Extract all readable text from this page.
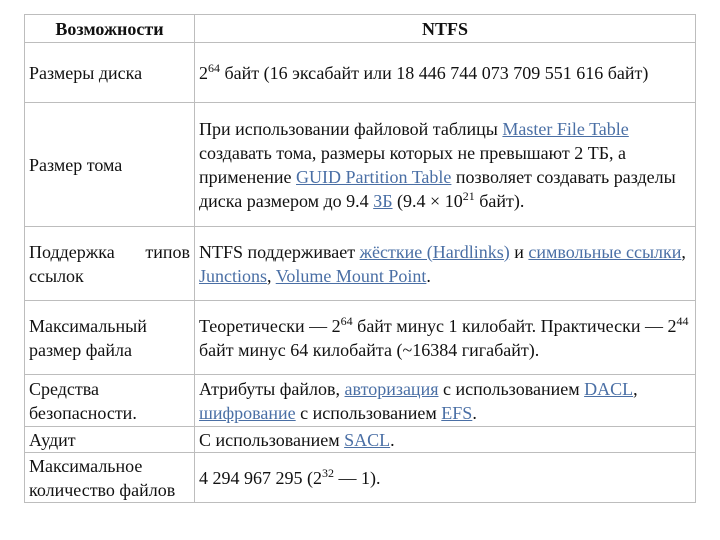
Возможности	NTFS
Размеры диска	$2^{64}$ байт (16 эксабайт или 18 446 744 073 709 551 616 байт)
Размер тома	При использовании файловой таблицы Master File Table создавать тома, размеры которых не превышают 2 ТБ, а применение GUID Partition Table позволяет создавать разделы диска размером до 9.4 ЗБ ($9.4 \times 10^{21}$ байт).
Поддержка типов ссылок	NTFS поддерживает жёсткие (Hardlinks) и символьные ссылки, Junctions, Volume Mount Point.
Максимальный размер файла	Теоретически — $2^{64}$ байт минус 1 килобайт. Практически — $2^{44}$ байт минус 64 килобайта (~16384 гигабайт).
Средства безопасности.	Атрибуты файлов, авторизация с использованием DACL, шифрование с использованием EFS.
Аудит	С использованием SACL.
Максимальное количество файлов	4 294 967 295 ($2^{32}$ — 1).
